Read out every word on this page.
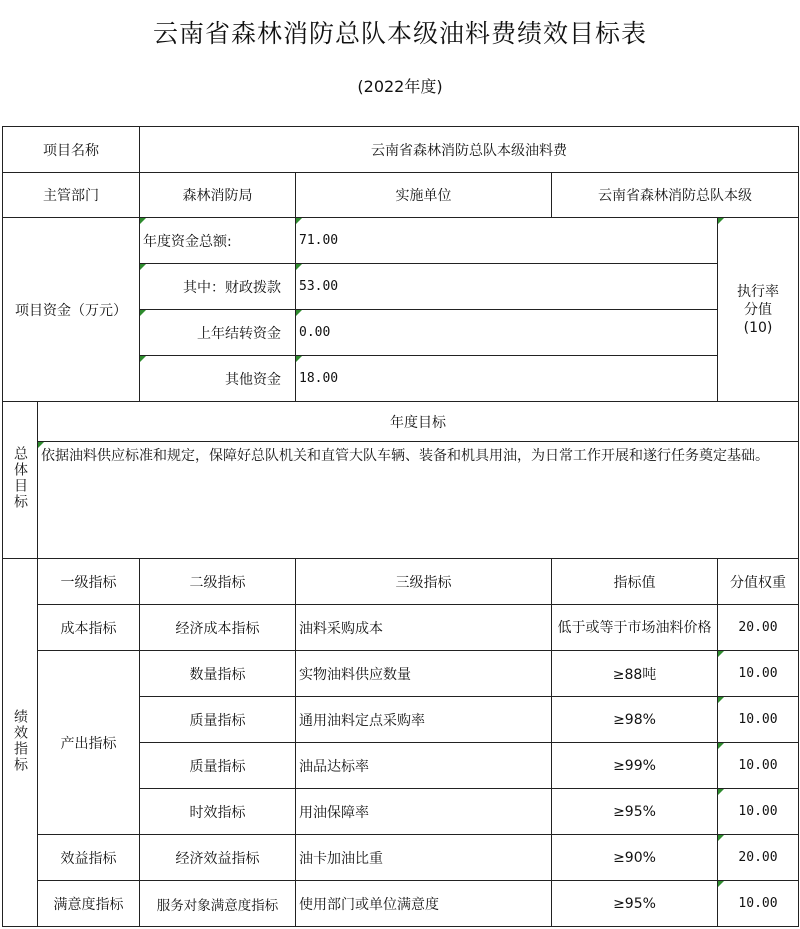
云南省森林消防总队本级油料费绩效目标表
(2022年度)
项目名称		云南省森林消防总队本级油料费			
主管部门		森林消防局	实施单位	云南省森林消防总队本级	
项目资金（万元）		年度资金总额:	71.00		执行率分值
(10)

		其中：财政拨款	53.00		
		上年结转资金	0.00		
		其他资金	18.00		
总体目标	年度目标				
	依据油料供应标准和规定，保障好总队机关和直管大队车辆、装备和机具用油，为日常工作开展和遂行任务奠定基础。				
绩效指标	一级指标	二级指标	三级指标	指标值	分值权重
	成本指标	经济成本指标	油料采购成本	低于或等于市场油料价格	20.00
	产出指标	数量指标	实物油料供应数量	≥88吨	10.00
		质量指标	通用油料定点采购率	≥98%	10.00
		质量指标	油品达标率	≥99%	10.00
		时效指标	用油保障率	≥95%	10.00
	效益指标	经济效益指标	油卡加油比重	≥90%	20.00
	满意度指标	服务对象满意度指标	使用部门或单位满意度	≥95%	10.00
